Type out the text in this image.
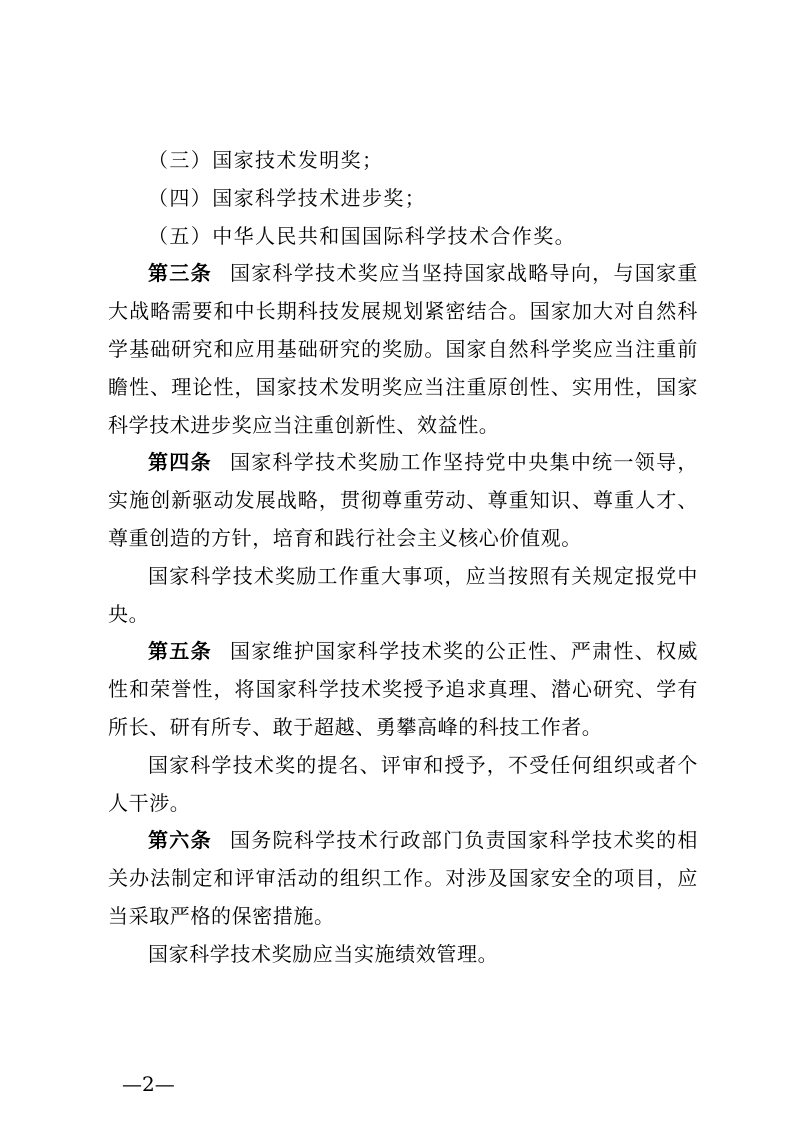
（三）国家技术发明奖；

（四）国家科学技术进步奖；

（五）中华人民共和国国际科学技术合作奖。

第三条 国家科学技术奖应当坚持国家战略导向，与国家重大战略需要和中长期科技发展规划紧密结合。国家加大对自然科学基础研究和应用基础研究的奖励。国家自然科学奖应当注重前瞻性、理论性，国家技术发明奖应当注重原创性、实用性，国家科学技术进步奖应当注重创新性、效益性。

第四条 国家科学技术奖励工作坚持党中央集中统一领导，实施创新驱动发展战略，贯彻尊重劳动、尊重知识、尊重人才、尊重创造的方针，培育和践行社会主义核心价值观。

国家科学技术奖励工作重大事项，应当按照有关规定报党中央。

第五条 国家维护国家科学技术奖的公正性、严肃性、权威性和荣誉性，将国家科学技术奖授予追求真理、潜心研究、学有所长、研有所专、敢于超越、勇攀高峰的科技工作者。

国家科学技术奖的提名、评审和授予，不受任何组织或者个人干涉。

第六条 国务院科学技术行政部门负责国家科学技术奖的相关办法制定和评审活动的组织工作。对涉及国家安全的项目，应当采取严格的保密措施。

国家科学技术奖励应当实施绩效管理。

—2—
